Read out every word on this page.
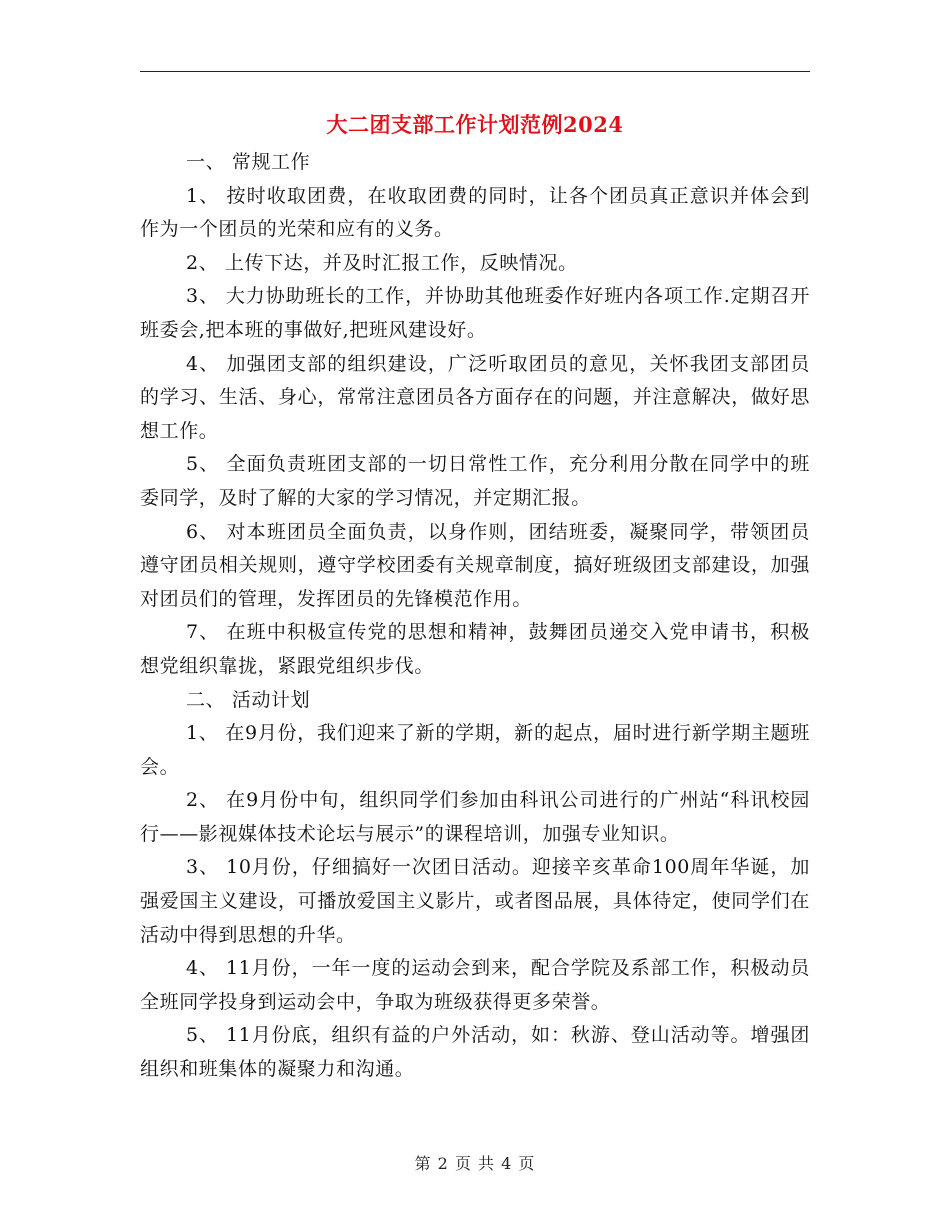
大二团支部工作计划范例2024

一、 常规工作

1、 按时收取团费，在收取团费的同时，让各个团员真正意识并体会到作为一个团员的光荣和应有的义务。

2、 上传下达，并及时汇报工作，反映情况。

3、 大力协助班长的工作，并协助其他班委作好班内各项工作.定期召开班委会,把本班的事做好,把班风建设好。

4、 加强团支部的组织建设，广泛听取团员的意见，关怀我团支部团员的学习、生活、身心，常常注意团员各方面存在的问题，并注意解决，做好思想工作。

5、 全面负责班团支部的一切日常性工作，充分利用分散在同学中的班委同学，及时了解的大家的学习情况，并定期汇报。

6、 对本班团员全面负责，以身作则，团结班委，凝聚同学，带领团员遵守团员相关规则，遵守学校团委有关规章制度，搞好班级团支部建设，加强对团员们的管理，发挥团员的先锋模范作用。

7、 在班中积极宣传党的思想和精神，鼓舞团员递交入党申请书，积极想党组织靠拢，紧跟党组织步伐。

二、 活动计划

1、 在9月份，我们迎来了新的学期，新的起点，届时进行新学期主题班会。

2、 在9月份中旬，组织同学们参加由科讯公司进行的广州站“科讯校园行——影视媒体技术论坛与展示”的课程培训，加强专业知识。

3、 10月份，仔细搞好一次团日活动。迎接辛亥革命100周年华诞，加强爱国主义建设，可播放爱国主义影片，或者图品展，具体待定，使同学们在活动中得到思想的升华。

4、 11月份，一年一度的运动会到来，配合学院及系部工作，积极动员全班同学投身到运动会中，争取为班级获得更多荣誉。

5、 11月份底，组织有益的户外活动，如：秋游、登山活动等。增强团组织和班集体的凝聚力和沟通。

第 2 页 共 4 页
